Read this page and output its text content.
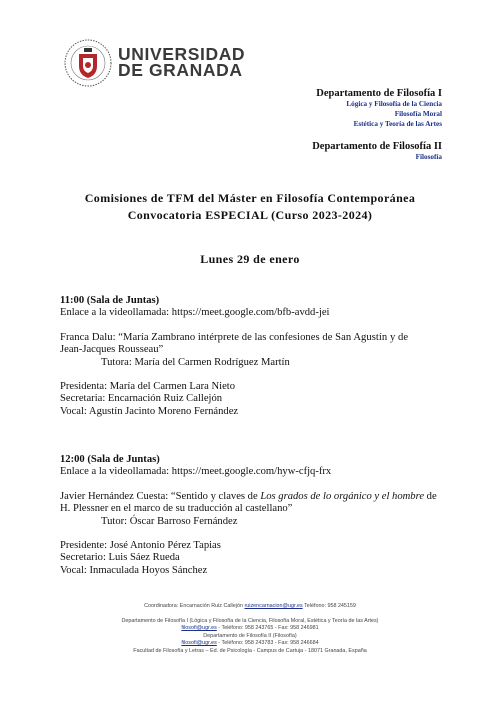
UNIVERSIDAD
DE GRANADA
Departamento de Filosofía I
Lógica y Filosofía de la Ciencia
Filosofía Moral
Estética y Teoría de las Artes
Departamento de Filosofía II
Filosofía
Comisiones de TFM del Máster en Filosofía Contemporánea
Convocatoria ESPECIAL (Curso 2023-2024)
Lunes 29 de enero
11:00 (Sala de Juntas)
Enlace a la videollamada: https://meet.google.com/bfb-avdd-jei
Franca Dalu: “María Zambrano intérprete de las confesiones de San Agustín y de
Jean-Jacques Rousseau”
Tutora: María del Carmen Rodríguez Martín
Presidenta: María del Carmen Lara Nieto
Secretaria: Encarnación Ruiz Callejón
Vocal: Agustín Jacinto Moreno Fernández
12:00 (Sala de Juntas)
Enlace a la videollamada: https://meet.google.com/hyw-cfjq-frx
Javier Hernández Cuesta: “Sentido y claves de Los grados de lo orgánico y el hombre de
H. Plessner en el marco de su traducción al castellano”
Tutor: Óscar Barroso Fernández
Presidente: José Antonio Pérez Tapias
Secretario: Luis Sáez Rueda
Vocal: Inmaculada Hoyos Sánchez
Coordinadora: Encarnación Ruiz Callejón ruizencarnacion@ugr.es Teléfono: 958 245159
Departamento de Filosofía I (Lógica y Filosofía de la Ciencia, Filosofía Moral, Estética y Teoría de las Artes)
filosofi@ugr.es - Teléfono: 958 243765 - Fax: 958 246981
Departamento de Filosofía II (Filosofía)
filosofi@ugr.es - Teléfono: 958 243783 - Fax: 958 246684
Facultad de Filosofía y Letras – Ed. de Psicología - Campus de Cartuja - 18071 Granada, España
